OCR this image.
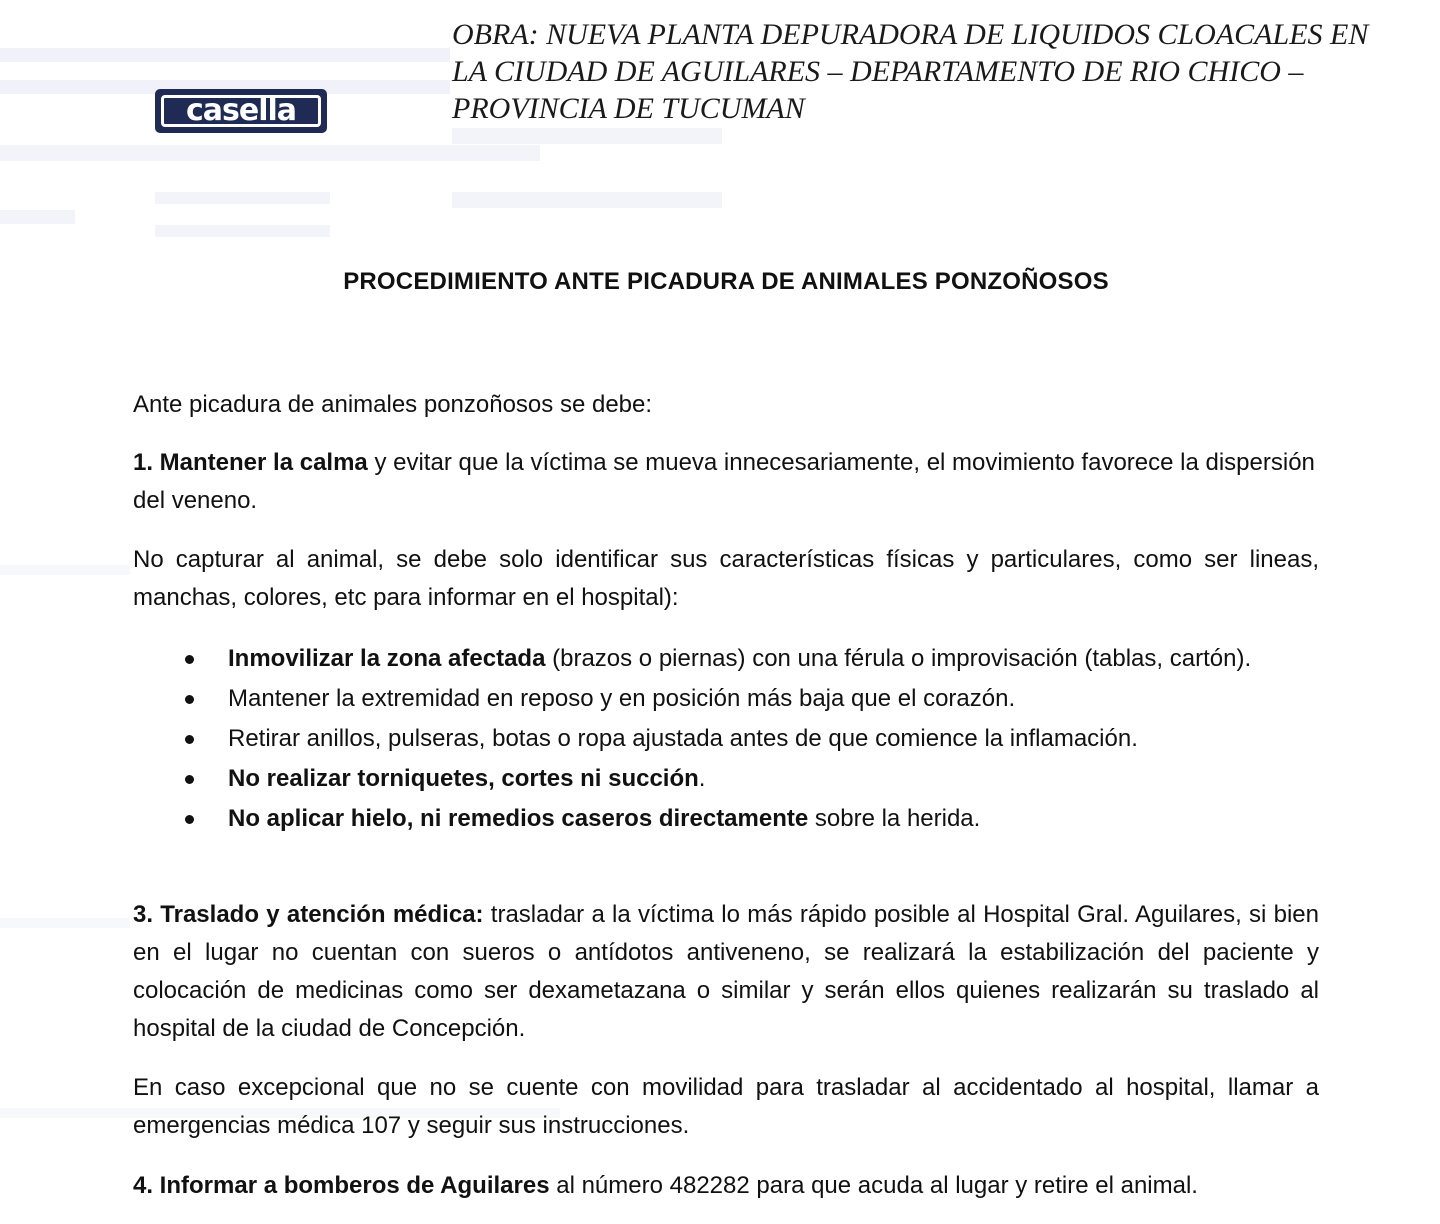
casella
OBRA: NUEVA PLANTA DEPURADORA DE LIQUIDOS CLOACALES EN
LA CIUDAD DE AGUILARES – DEPARTAMENTO DE RIO CHICO –
PROVINCIA DE TUCUMAN
PROCEDIMIENTO ANTE PICADURA DE ANIMALES PONZOÑOSOS
Ante picadura de animales ponzoñosos se debe:
1. Mantener la calma y evitar que la víctima se mueva innecesariamente, el movimiento favorece la dispersión del veneno.
No capturar al animal, se debe solo identificar sus características físicas y particulares, como ser lineas, manchas, colores, etc para informar en el hospital):
Inmovilizar la zona afectada (brazos o piernas) con una férula o improvisación (tablas, cartón).
Mantener la extremidad en reposo y en posición más baja que el corazón.
Retirar anillos, pulseras, botas o ropa ajustada antes de que comience la inflamación.
No realizar torniquetes, cortes ni succión.
No aplicar hielo, ni remedios caseros directamente sobre la herida.
3. Traslado y atención médica: trasladar a la víctima lo más rápido posible al Hospital Gral. Aguilares, si bien en el lugar no cuentan con sueros o antídotos antiveneno, se realizará la estabilización del paciente y colocación de medicinas como ser dexametazana o similar y serán ellos quienes realizarán su traslado al hospital de la ciudad de Concepción.
En caso excepcional que no se cuente con movilidad para trasladar al accidentado al hospital, llamar a emergencias médica 107 y seguir sus instrucciones.
4. Informar a bomberos de Aguilares al número 482282 para que acuda al lugar y retire el animal.
